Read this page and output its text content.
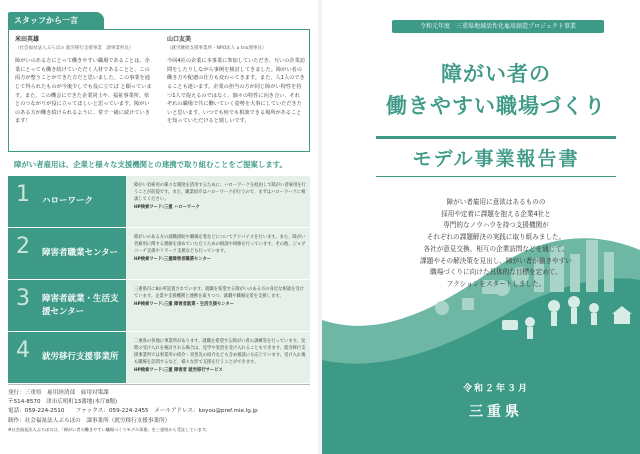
スタッフから一言
米田英雄
（社会福祉法人ぶろぼの 就労移行支援事業　課事業所長）
障がいのある方にとって働きやすい職場であることは、企業にとっても働き続けていただく人材であることと、この両方が整うことができた方だと思いました。この事業を通じて得られたものが今後少しでも役に立てば と願っています。また、この機会にできた企業同士や、福祉事業所、県とのつながりが役に立ってほしいと思っています。障がいのある方が働き続けられるように、常で一緒に続けていきます！
山口友美
（就労継続支援事業所・NPO法人 a trio理事長）
今回4社の企業に本事業に参加していただき、互いの企業訪問をしたりしながら事例を検討してきました。障がい者の働き方や配慮の仕方も変わってきます。また、人1人のできることも違います。企業の担当の方が同じ障がい特性を持つ1人で捉えるのではなく、個々の特性に向き合い、それぞれの職場で共に働いていく姿勢を大事にしていただきたいと思います。いつでも何でも相談できる場所があることを知っていただけると嬉しいです。
障がい者雇用は、企業と様々な支援機関との連携で取り組むことをご提案します。
1 ハローワーク
障がい者雇用の様々な制度を活用するために、ハローワークを経由して障がい者雇用を行うことが前提です。また、職業紹介はハローワークが行うので、まずはハローワークに相談してください。
HP検索ワード:三重 ハローワーク
2 障害者職業センター
障がいのある方の就職援助や職場定着などについてアドバイスを行います。また、障がい者雇用に関する理解を深めていただくための相談や研修を行っています。その他、ジョブコーチ支援やリワーク支援なども行っています。
HP検索ワード:三重障害者職業センター
3 障害者就業・生活支援センター
三重県内に8か所設置されています。就職を希望する障がいのある方の身近な相談を受けています。企業や支援機関と連携を取りつつ、就職や職場定着を支援します。
HP検索ワード:三重 障害者就業・生活支援センター
4 就労移行支援事業所
二重県の各地に事業所があります。就職を希望する障がい者の訓練等を行っています。実際の受け入れを検討される場合は、見学や実習を受け入れることもできます。就労移行支援事業所では事業所の紹介・実習先の紹介なども含め相談にも応じています。受け入れ後も職場を訪問するなど、様々な形で支援を行うことができます。
HP検索ワード:三重 障害者 就労移行サービス
発行：三重県　雇用経済部　雇用対策課
〒514-8570　津市広明町13番地(本庁8階)
電話：059-224-2510　　ファックス：059-224-2455　メールアドレス：koyou@pref.mie.lg.jp
制作：社会福祉法人ぶろぼの　課事業所（就労移行支援事業所）
※社会福祉法人ぶろぼのは、「障がい者の働きやすい職場づくりモデル事業」を三重県から受託しています。
令和元年度　三重県地域活性化雇用創造プロジェクト事業
障がい者の
働きやすい職場づくり
モデル事業報告書
障がい者雇用に意欲はあるものの
採用や定着に課題を抱える企業4社と
専門的なノウハウを持つ支援機関が
それぞれの課題解決の実践に取り組みました。
各社が意見交換、相互の企業訪問などを通じて、
課題やその解決策を見出し、障がい者が働きやすい
職場づくりに向けた具体的な目標を定めて、
アクションをスタートしました。
令和２年３月
三重県
